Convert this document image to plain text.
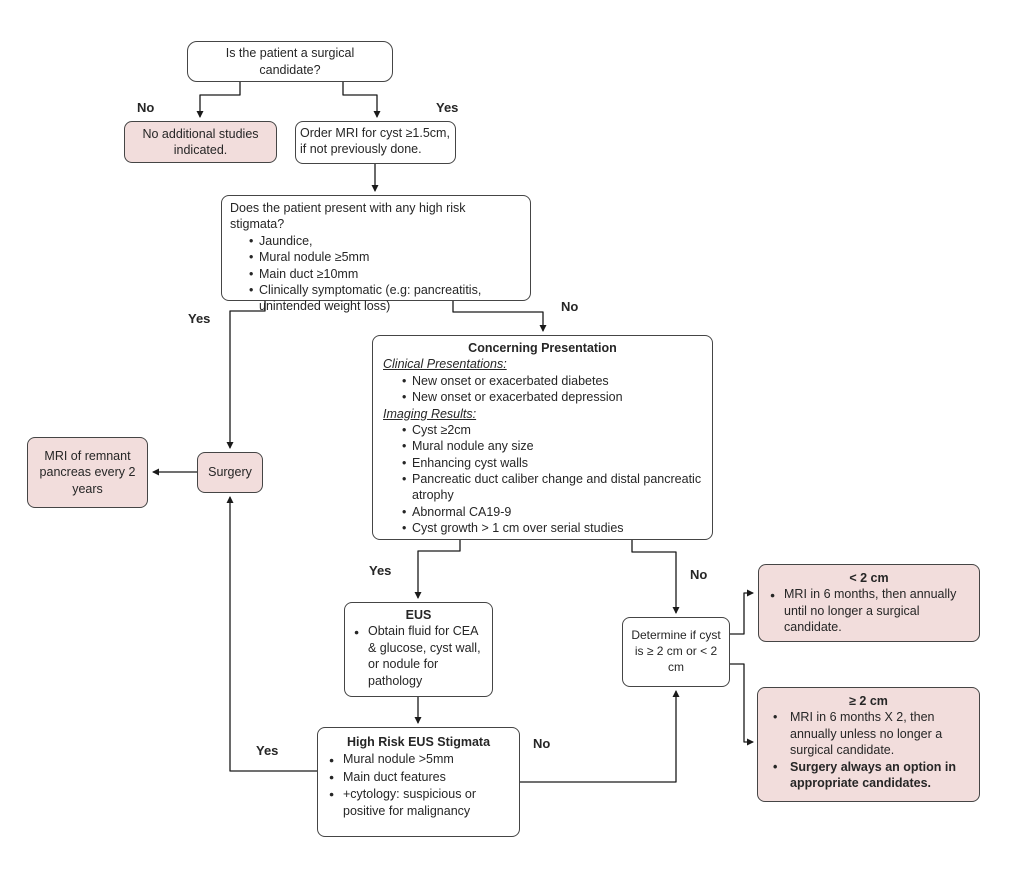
Is the patient a surgical candidate?
No additional studies indicated.
Order MRI for cyst ≥1.5cm, if not previously done.
Does the patient present with any high risk stigmata?
• Jaundice,
• Mural nodule ≥5mm
• Main duct ≥10mm
• Clinically symptomatic (e.g: pancreatitis, unintended weight loss)
Concerning Presentation
Clinical Presentations:
• New onset or exacerbated diabetes
• New onset or exacerbated depression
Imaging Results:
• Cyst ≥2cm
• Mural nodule any size
• Enhancing cyst walls
• Pancreatic duct caliber change and distal pancreatic atrophy
• Abnormal CA19-9
• Cyst growth > 1 cm over serial studies
MRI of remnant pancreas every 2 years
Surgery
EUS
● Obtain fluid for CEA & glucose, cyst wall, or nodule for pathology
Determine if cyst is ≥ 2 cm or < 2 cm
High Risk EUS Stigmata
● Mural nodule >5mm
● Main duct features
● +cytology: suspicious or positive for malignancy
< 2 cm
● MRI in 6 months, then annually until no longer a surgical candidate.
≥ 2 cm
• MRI in 6 months X 2, then annually unless no longer a surgical candidate.
• Surgery always an option in appropriate candidates.
No	Yes
Yes
No
Yes	No
Yes	No
